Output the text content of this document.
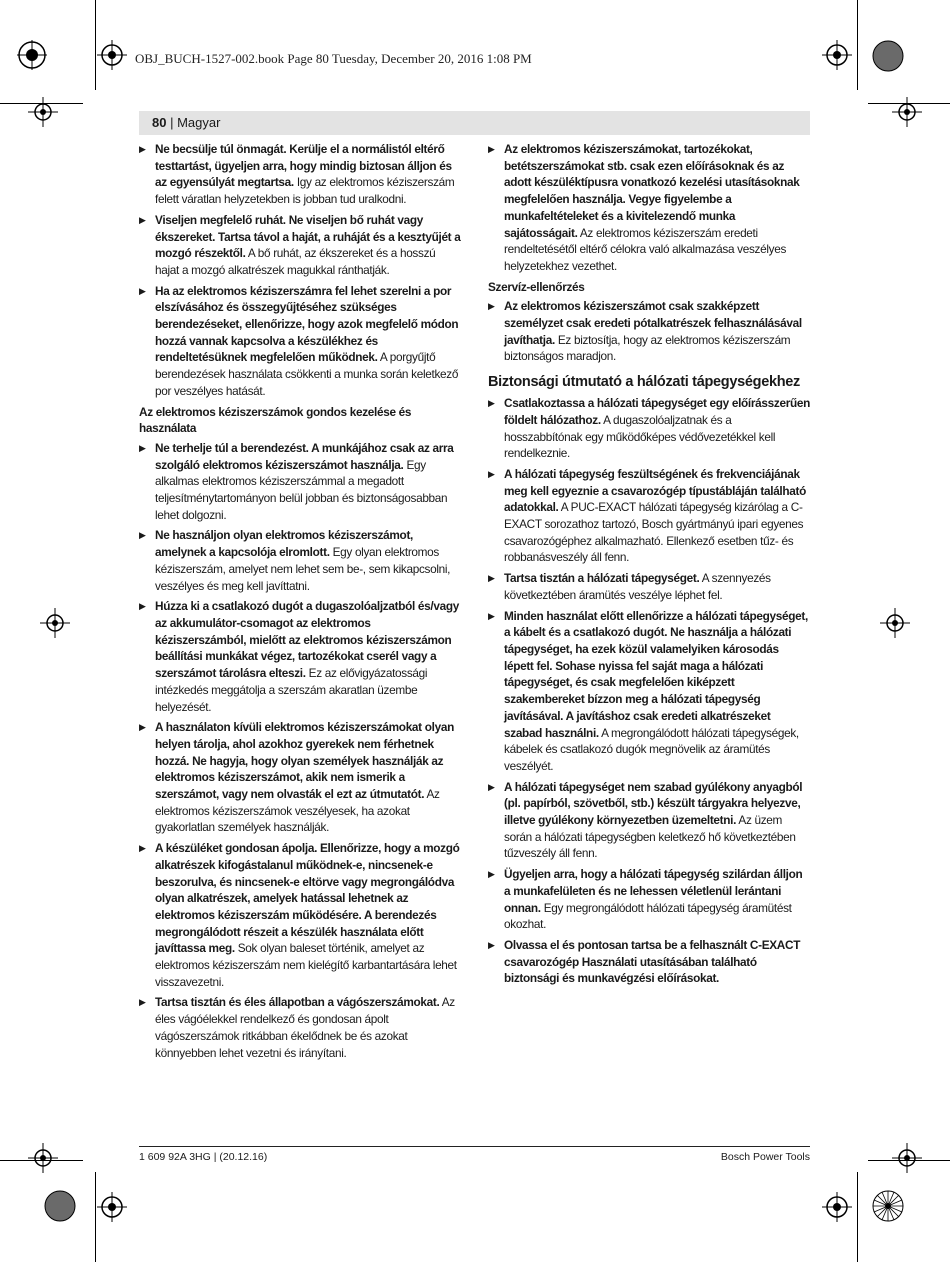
OBJ_BUCH-1527-002.book Page 80 Tuesday, December 20, 2016 1:08 PM
80 | Magyar
▶ Ne becsülje túl önmagát. Kerülje el a normálistól eltérő testtartást, ügyeljen arra, hogy mindig biztosan álljon és az egyensúlyát megtartsa. Igy az elektromos kéziszerszám felett váratlan helyzetekben is jobban tud uralkodni.
▶ Viseljen megfelelő ruhát. Ne viseljen bő ruhát vagy ékszereket. Tartsa távol a haját, a ruháját és a kesztyűjét a mozgó részektől. A bő ruhát, az ékszereket és a hosszú hajat a mozgó alkatrészek magukkal ránthatják.
▶ Ha az elektromos kéziszerszámra fel lehet szerelni a por elszívásához és összegyűjtéséhez szükséges berendezéseket, ellenőrizze, hogy azok megfelelő módon hozzá vannak kapcsolva a készülékhez és rendeltetésüknek megfelelően működnek. A porgyűjtő berendezések használata csökkenti a munka során keletkező por veszélyes hatását.
Az elektromos kéziszerszámok gondos kezelése és használata
▶ Ne terhelje túl a berendezést. A munkájához csak az arra szolgáló elektromos kéziszerszámot használja. Egy alkalmas elektromos kéziszerszámmal a megadott teljesítménytartományon belül jobban és biztonságosabban lehet dolgozni.
▶ Ne használjon olyan elektromos kéziszerszámot, amelynek a kapcsolója elromlott. Egy olyan elektromos kéziszerszám, amelyet nem lehet sem be-, sem kikapcsolni, veszélyes és meg kell javíttatni.
▶ Húzza ki a csatlakozó dugót a dugaszolóaljzatból és/vagy az akkumulátor-csomagot az elektromos kéziszerszámból, mielőtt az elektromos kéziszerszámon beállítási munkákat végez, tartozékokat cserél vagy a szerszámot tárolásra elteszi. Ez az elővigyázatossági intézkedés meggátolja a szerszám akaratlan üzembe helyezését.
▶ A használaton kívüli elektromos kéziszerszámokat olyan helyen tárolja, ahol azokhoz gyerekek nem férhetnek hozzá. Ne hagyja, hogy olyan személyek használják az elektromos kéziszerszámot, akik nem ismerik a szerszámot, vagy nem olvasták el ezt az útmutatót. Az elektromos kéziszerszámok veszélyesek, ha azokat gyakorlatlan személyek használják.
▶ A készüléket gondosan ápolja. Ellenőrizze, hogy a mozgó alkatrészek kifogástalanul működnek-e, nincsenek-e beszorulva, és nincsenek-e eltörve vagy megrongálódva olyan alkatrészek, amelyek hatással lehetnek az elektromos kéziszerszám működésére. A berendezés megrongálódott részeit a készülék használata előtt javíttassa meg. Sok olyan baleset történik, amelyet az elektromos kéziszerszám nem kielégítő karbantartására lehet visszavezetni.
▶ Tartsa tisztán és éles állapotban a vágószerszámokat. Az éles vágóélekkel rendelkező és gondosan ápolt vágószerszámok ritkábban ékelődnek be és azokat könnyebben lehet vezetni és irányítani.
▶ Az elektromos kéziszerszámokat, tartozékokat, betétszerszámokat stb. csak ezen előírásoknak és az adott készüléktípusra vonatkozó kezelési utasításoknak megfelelően használja. Vegye figyelembe a munkafeltételeket és a kivitelezendő munka sajátosságait. Az elektromos kéziszerszám eredeti rendeltetésétől eltérő célokra való alkalmazása veszélyes helyzetekhez vezethet.
Szervíz-ellenőrzés
▶ Az elektromos kéziszerszámot csak szakképzett személyzet csak eredeti pótalkatrészek felhasználásával javíthatja. Ez biztosítja, hogy az elektromos kéziszerszám biztonságos maradjon.
Biztonsági útmutató a hálózati tápegységekhez
▶ Csatlakoztassa a hálózati tápegységet egy előírásszerűen földelt hálózathoz. A dugaszolóaljzatnak és a hosszabbítónak egy működőképes védővezetékkel kell rendelkeznie.
▶ A hálózati tápegység feszültségének és frekvenciájának meg kell egyeznie a csavarozógép típustábláján található adatokkal. A PUC-EXACT hálózati tápegység kizárólag a C-EXACT sorozathoz tartozó, Bosch gyártmányú ipari egyenes csavarozógéphez alkalmazható. Ellenkező esetben tűz- és robbanásveszély áll fenn.
▶ Tartsa tisztán a hálózati tápegységet. A szennyezés következtében áramütés veszélye léphet fel.
▶ Minden használat előtt ellenőrizze a hálózati tápegységet, a kábelt és a csatlakozó dugót. Ne használja a hálózati tápegységet, ha ezek közül valamelyiken károsodás lépett fel. Sohase nyissa fel saját maga a hálózati tápegységet, és csak megfelelően kiképzett szakembereket bízzon meg a hálózati tápegység javításával. A javításhoz csak eredeti alkatrészeket szabad használni. A megrongálódott hálózati tápegységek, kábelek és csatlakozó dugók megnövelik az áramütés veszélyét.
▶ A hálózati tápegységet nem szabad gyúlékony anyagból (pl. papírból, szövetből, stb.) készült tárgyakra helyezve, illetve gyúlékony környezetben üzemeltetni. Az üzem során a hálózati tápegységben keletkező hő következtében tűzveszély áll fenn.
▶ Ügyeljen arra, hogy a hálózati tápegység szilárdan álljon a munkafelületen és ne lehessen véletlenül lerántani onnan. Egy megrongálódott hálózati tápegység áramütést okozhat.
▶ Olvassa el és pontosan tartsa be a felhasznált C-EXACT csavarozógép Használati utasításában található biztonsági és munkavégzési előírásokat.
1 609 92A 3HG | (20.12.16)	Bosch Power Tools
